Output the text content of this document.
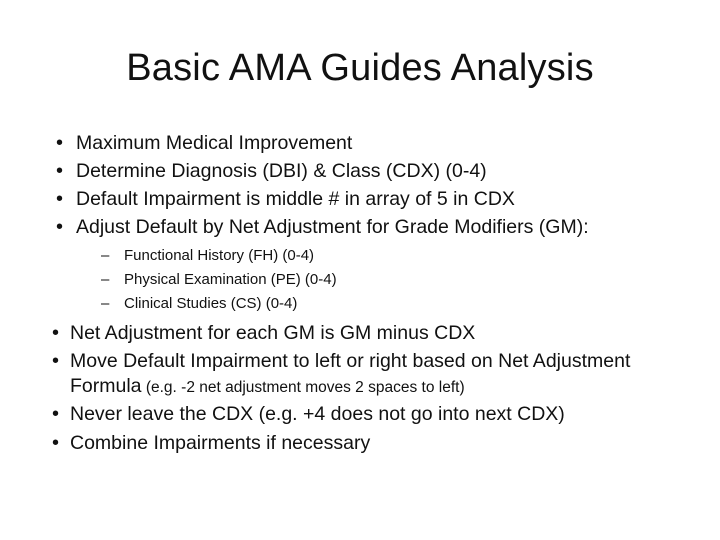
Basic AMA Guides Analysis
• Maximum Medical Improvement
• Determine Diagnosis (DBI) & Class (CDX) (0-4)
• Default Impairment is middle # in array of 5 in CDX
• Adjust Default by Net Adjustment for Grade Modifiers (GM):
– Functional History (FH) (0-4)
– Physical Examination (PE) (0-4)
– Clinical Studies (CS) (0-4)
• Net Adjustment for each GM is GM minus CDX
• Move Default Impairment to left or right based on Net Adjustment
Formula (e.g. -2 net adjustment moves 2 spaces to left)
• Never leave the CDX (e.g. +4 does not go into next CDX)
• Combine Impairments if necessary
